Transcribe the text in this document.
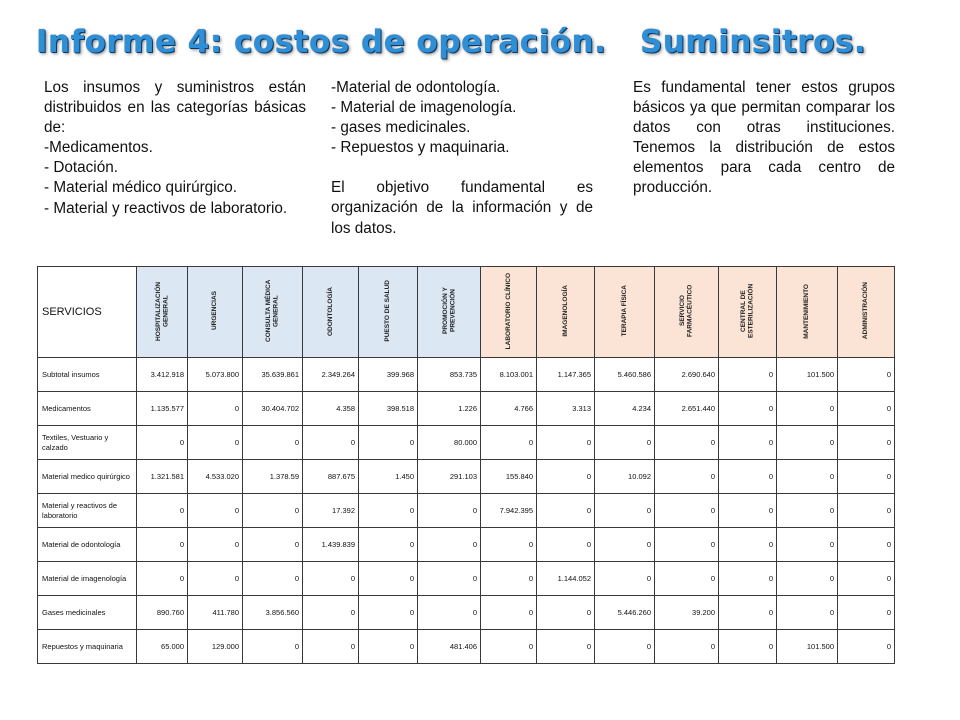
Informe 4: costos de operación. Suminsitros.
Los insumos y suministros están distribuidos en las categorías básicas de:
-Medicamentos.
- Dotación.
- Material médico quirúrgico.
- Material y reactivos de laboratorio.
-Material de odontología.
- Material de imagenología.
- gases medicinales.
- Repuestos y maquinaria.
El objetivo fundamental es organización de la información y de los datos.
Es fundamental tener estos grupos básicos ya que permitan comparar los datos con otras instituciones. Tenemos la distribución de estos elementos para cada centro de producción.
SERVICIOS	HOSPITALIZACIÓN GENERAL	URGENCIAS	CONSULTA MÉDICA GENERAL	ODONTOLOGÍA	PUESTO DE SALUD	PROMOCIÓN Y PREVENCIÓN	LABORATORIO CLÍNICO	IMAGENOLOGÍA	TERAPIA FÍSICA	SERVICIO FARMACÉUTICO	CENTRAL DE ESTERILIZACIÓN	MANTENIMIENTO	ADMINISTRACIÓN
Subtotal insumos	3.412.918	5.073.800	35.639.861	2.349.264	399.968	853.735	8.103.001	1.147.365	5.460.586	2.690.640	0	101.500	0
Medicamentos	1.135.577	0	30.404.702	4.358	398.518	1.226	4.766	3.313	4.234	2.651.440	0	0	0
Textiles, Vestuario y calzado	0	0	0	0	0	80.000	0	0	0	0	0	0	0
Material medico quirúrgico	1.321.581	4.533.020	1.378.59	887.675	1.450	291.103	155.840	0	10.092	0	0	0	0
Material y reactivos de laboratorio	0	0	0	17.392	0	0	7.942.395	0	0	0	0	0	0
Material de odontología	0	0	0	1.439.839	0	0	0	0	0	0	0	0	0
Material de imagenología	0	0	0	0	0	0	0	1.144.052	0	0	0	0	0
Gases medicinales	890.760	411.780	3.856.560	0	0	0	0	0	5.446.260	39.200	0	0	0
Repuestos y maquinaria	65.000	129.000	0	0	0	481.406	0	0	0	0	0	101.500	0
